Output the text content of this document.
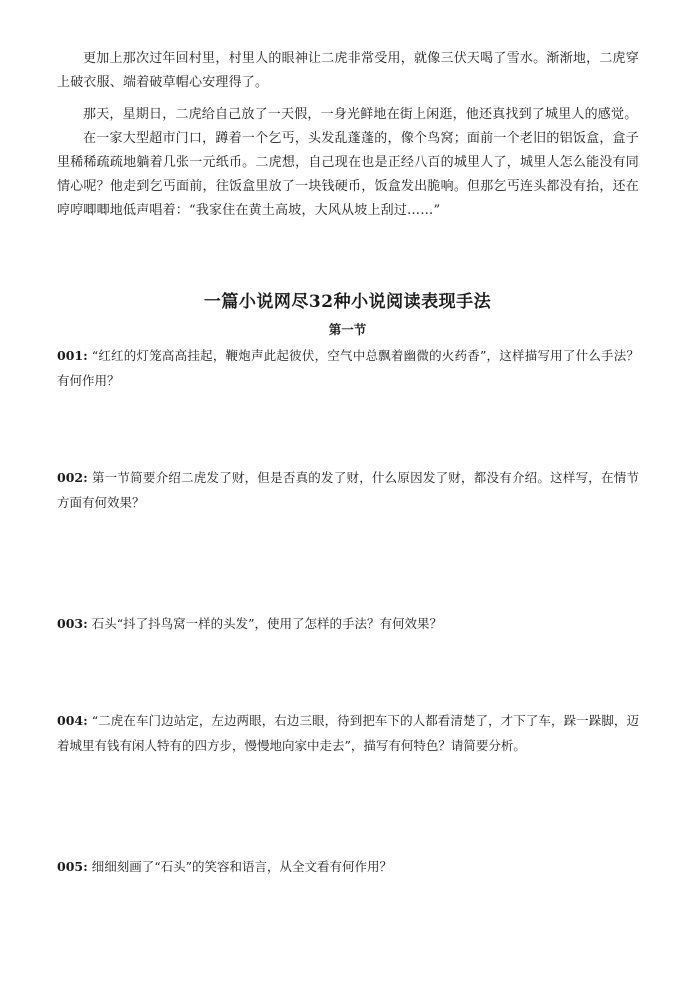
更加上那次过年回村里，村里人的眼神让二虎非常受用，就像三伏天喝了雪水。渐渐地，二虎穿上破衣服、端着破草帽心安理得了。

那天，星期日，二虎给自己放了一天假，一身光鲜地在街上闲逛，他还真找到了城里人的感觉。

在一家大型超市门口，蹲着一个乞丐，头发乱蓬蓬的，像个鸟窝；面前一个老旧的铝饭盒，盒子里稀稀疏疏地躺着几张一元纸币。二虎想，自己现在也是正经八百的城里人了，城里人怎么能没有同情心呢？他走到乞丐面前，往饭盒里放了一块钱硬币，饭盒发出脆响。但那乞丐连头都没有抬，还在哼哼唧唧地低声唱着：“我家住在黄土高坡，大风从坡上刮过……”

一篇小说网尽32种小说阅读表现手法
第一节
001: “红红的灯笼高高挂起，鞭炮声此起彼伏，空气中总飘着幽微的火药香”，这样描写用了什么手法？有何作用？
002: 第一节简要介绍二虎发了财，但是否真的发了财，什么原因发了财，都没有介绍。这样写，在情节方面有何效果？
003: 石头“抖了抖鸟窝一样的头发”，使用了怎样的手法？有何效果？
004: “二虎在车门边站定，左边两眼，右边三眼，待到把车下的人都看清楚了，才下了车，跺一跺脚，迈着城里有钱有闲人特有的四方步，慢慢地向家中走去”，描写有何特色？请简要分析。
005: 细细刻画了“石头”的笑容和语言，从全文看有何作用？
